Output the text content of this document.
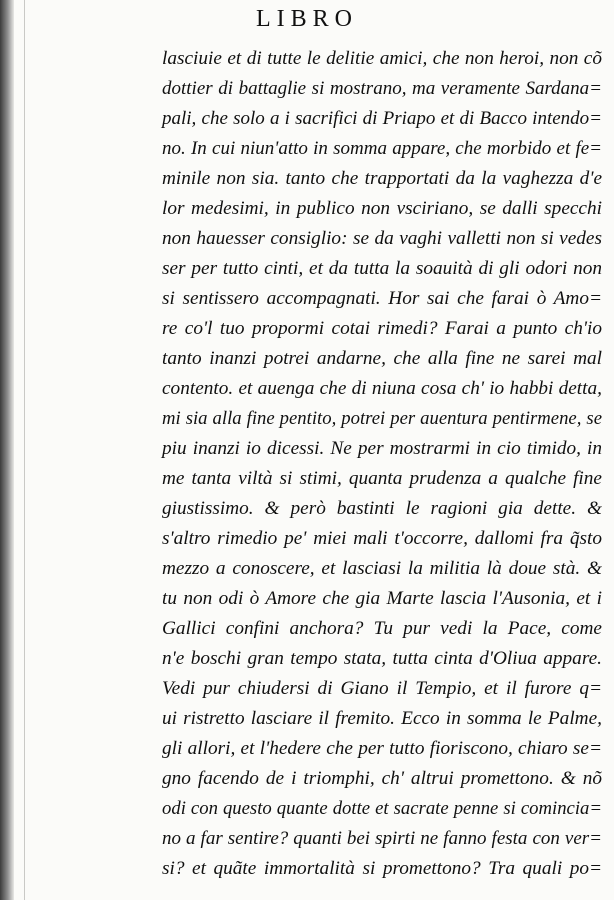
LIBRO
lasciuie et di tutte le delitie amici, che non heroi, non cõ
dottier di battaglie si mostrano, ma veramente Sardana=
pali, che solo a i sacrifici di Priapo et di Bacco intendo=
no. In cui niun'atto in somma appare, che morbido et fe=
minile non sia. tanto che trapportati da la vaghezza d'e
lor medesimi, in publico non vsciriano, se dalli specchi
non hauesser consiglio: se da vaghi valletti non si vedes
ser per tutto cinti, et da tutta la soauità di gli odori non
si sentissero accompagnati. Hor sai che farai ò Amo=
re co'l tuo propormi cotai rimedi? Farai a punto ch'io
tanto inanzi potrei andarne, che alla fine ne sarei mal
contento. et auenga che di niuna cosa ch' io habbi detta,
mi sia alla fine pentito, potrei per auentura pentirmene, se
piu inanzi io dicessi. Ne per mostrarmi in cio timido, in
me tanta viltà si stimi, quanta prudenza a qualche fine
giustissimo. & però bastinti le ragioni gia dette. &
s'altro rimedio pe' miei mali t'occorre, dallomi fra q̃sto
mezzo a conoscere, et lasciasi la militia là doue stà. &
tu non odi ò Amore che gia Marte lascia l'Ausonia, et i
Gallici confini anchora? Tu pur vedi la Pace, come
n'e boschi gran tempo stata, tutta cinta d'Oliua appare.
Vedi pur chiudersi di Giano il Tempio, et il furore q=
ui ristretto lasciare il fremito. Ecco in somma le Palme,
gli allori, et l'hedere che per tutto fioriscono, chiaro se=
gno facendo de i triomphi, ch' altrui promettono. & nõ
odi con questo quante dotte et sacrate penne si comincia=
no a far sentire? quanti bei spirti ne fanno festa con ver=
si? et quãte immortalità si promettono? Tra quali po=
